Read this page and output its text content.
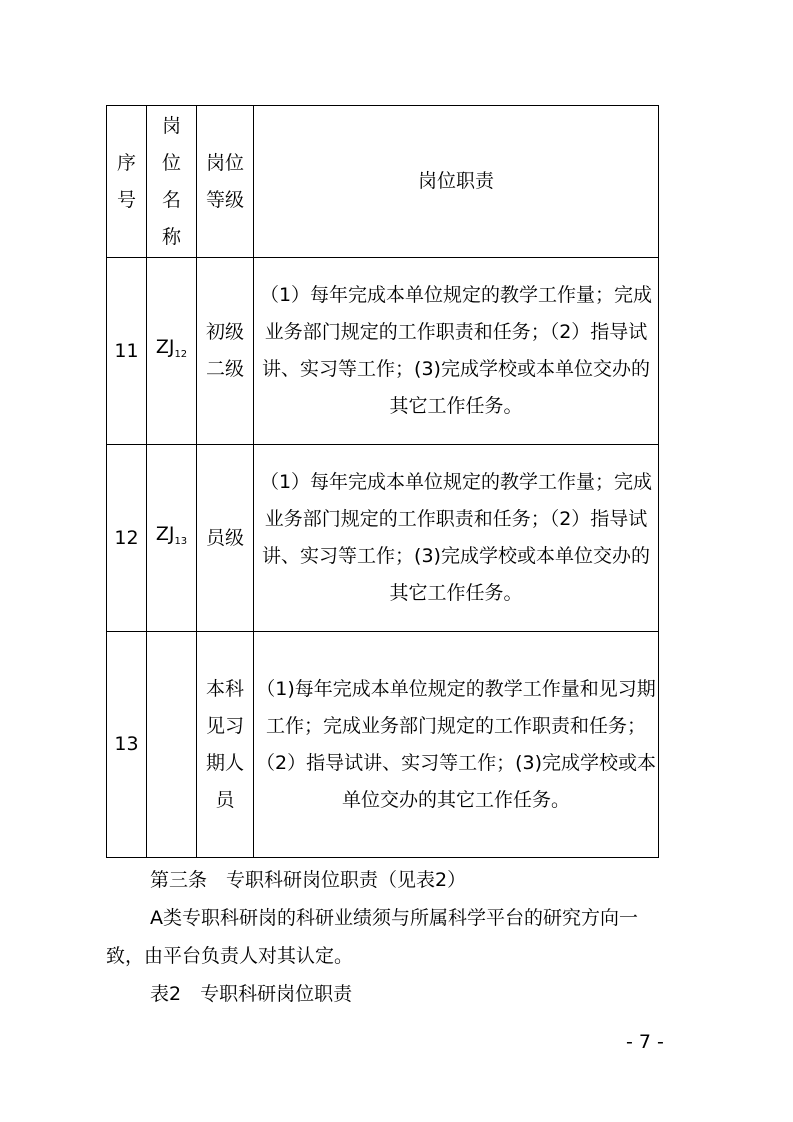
序号	岗位名称	岗位等级	岗位职责
11	$ZJ_{12}$	初级二级	（1）每年完成本单位规定的教学工作量；完成业务部门规定的工作职责和任务；（2）指导试讲、实习等工作；(3)完成学校或本单位交办的其它工作任务。
12	$ZJ_{13}$	员级	（1）每年完成本单位规定的教学工作量；完成业务部门规定的工作职责和任务；（2）指导试讲、实习等工作；(3)完成学校或本单位交办的其它工作任务。
13		本科见习期人员	（1)每年完成本单位规定的教学工作量和见习期工作；完成业务部门规定的工作职责和任务；（2）指导试讲、实习等工作；(3)完成学校或本单位交办的其它工作任务。
第三条　专职科研岗位职责（见表2）
A类专职科研岗的科研业绩须与所属科学平台的研究方向一
致，由平台负责人对其认定。
表2　专职科研岗位职责
- 7 -
